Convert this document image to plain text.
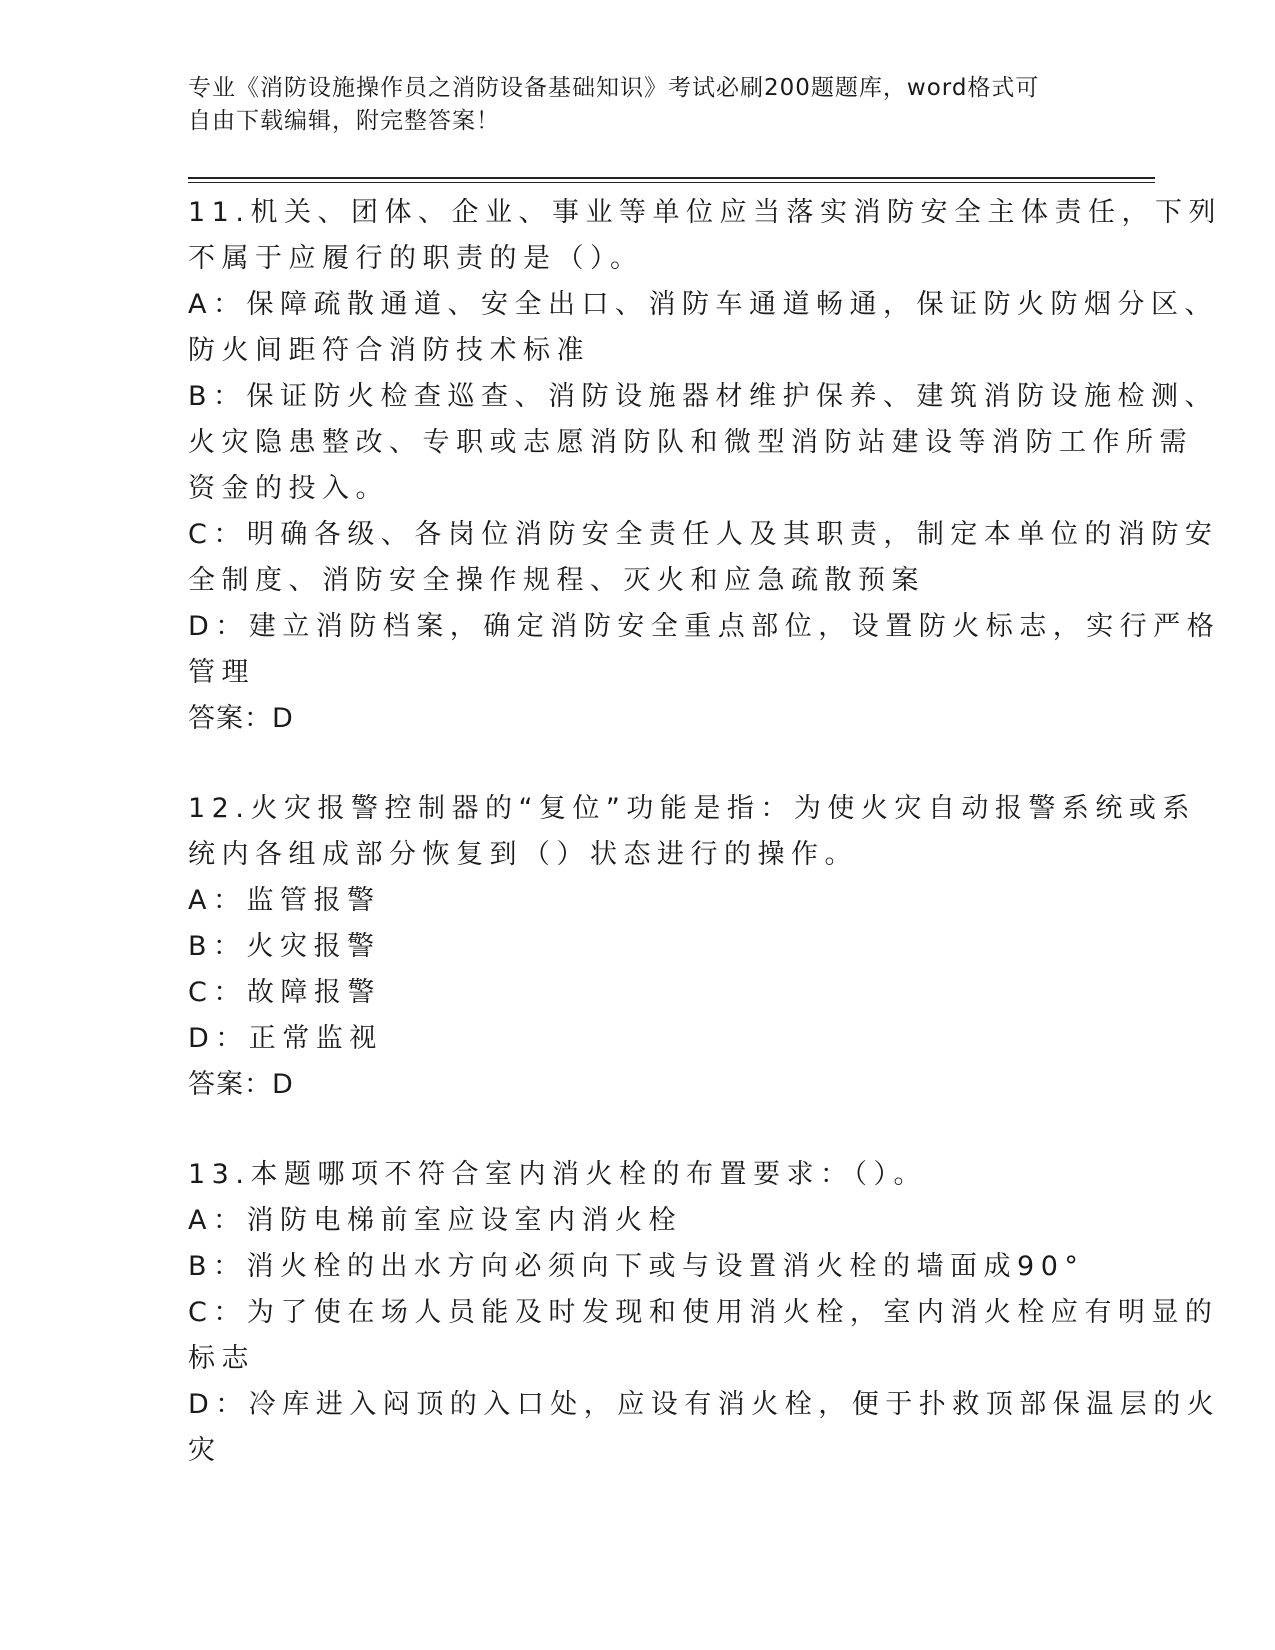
专业《消防设施操作员之消防设备基础知识》考试必刷200题题库，word格式可
自由下载编辑，附完整答案！
11.机关、团体、企业、事业等单位应当落实消防安全主体责任，下列
不属于应履行的职责的是（）。
A：保障疏散通道、安全出口、消防车通道畅通，保证防火防烟分区、
防火间距符合消防技术标准
B：保证防火检查巡查、消防设施器材维护保养、建筑消防设施检测、
火灾隐患整改、专职或志愿消防队和微型消防站建设等消防工作所需
资金的投入。
C：明确各级、各岗位消防安全责任人及其职责，制定本单位的消防安
全制度、消防安全操作规程、灭火和应急疏散预案
D：建立消防档案，确定消防安全重点部位，设置防火标志，实行严格
管理
答案：D
12.火灾报警控制器的“复位”功能是指：为使火灾自动报警系统或系
统内各组成部分恢复到（）状态进行的操作。
A：监管报警
B：火灾报警
C：故障报警
D：正常监视
答案：D
13.本题哪项不符合室内消火栓的布置要求：（）。
A：消防电梯前室应设室内消火栓
B：消火栓的出水方向必须向下或与设置消火栓的墙面成90°
C：为了使在场人员能及时发现和使用消火栓，室内消火栓应有明显的
标志
D：冷库进入闷顶的入口处，应设有消火栓，便于扑救顶部保温层的火
灾
